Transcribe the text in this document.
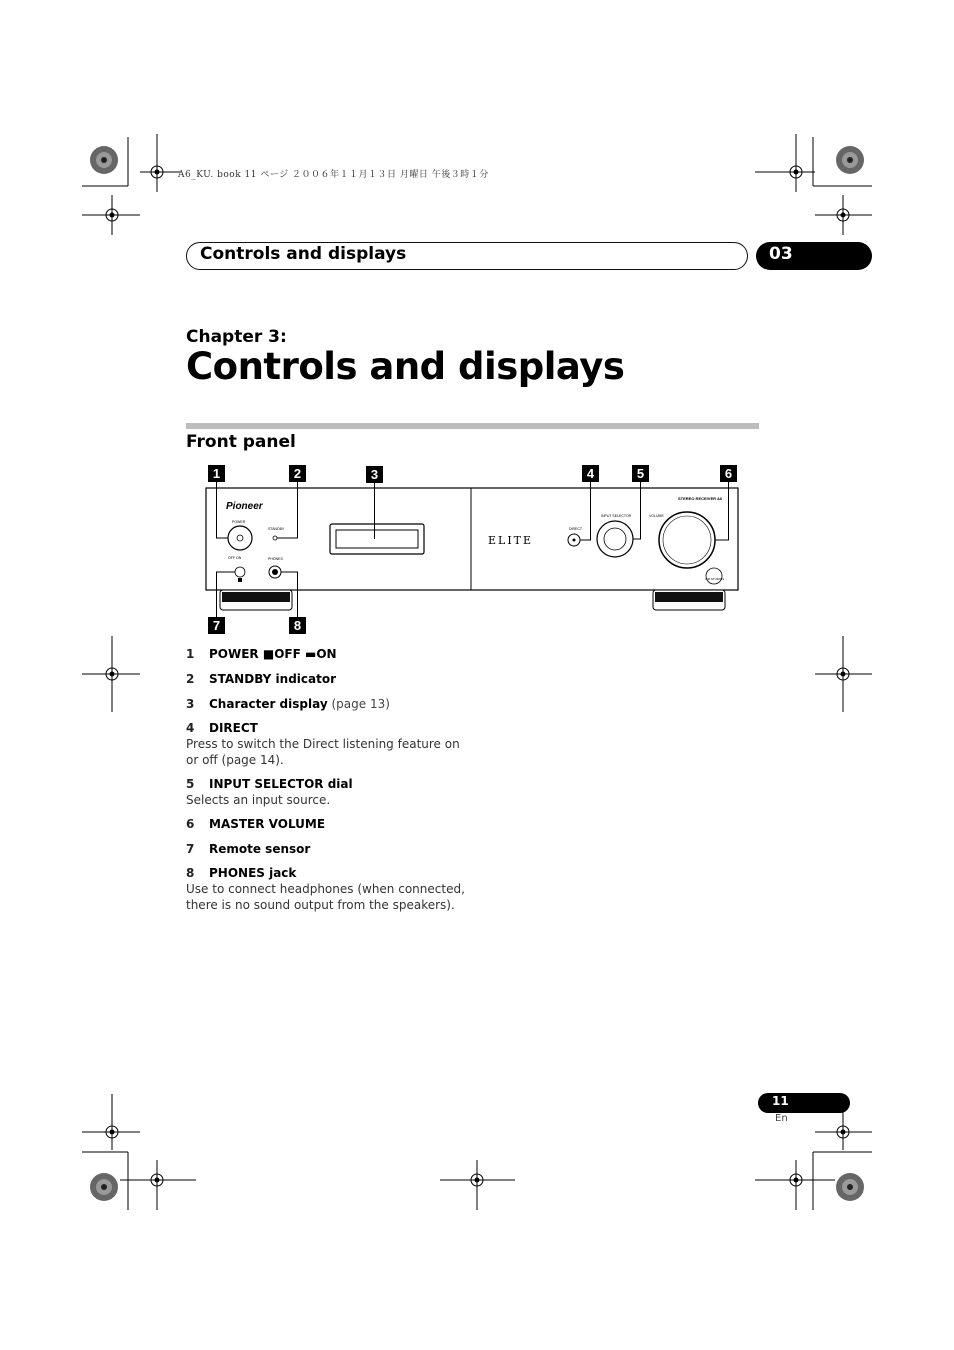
A6_KU. book 11 ページ ２００６年１１月１３日 月曜日 午後３時１分
Controls and displays	03
Chapter 3:
Controls and displays
Front panel
1	2	3	4	5	6
7	8
Pioneer
POWER
STANDBY
OFF ON	PHONES
ELITE
DIRECT
INPUT SELECTOR	VOLUME
STEREO RECEIVER A6
AIR STUDIOS

1 POWER ■OFF ▬ON

2 STANDBY indicator

3 Character display (page 13)

4 DIRECT

Press to switch the Direct listening feature on or off (page 14).

5 INPUT SELECTOR dial

Selects an input source.

6 MASTER VOLUME

7 Remote sensor

8 PHONES jack

Use to connect headphones (when connected, there is no sound output from the speakers).

11
En
